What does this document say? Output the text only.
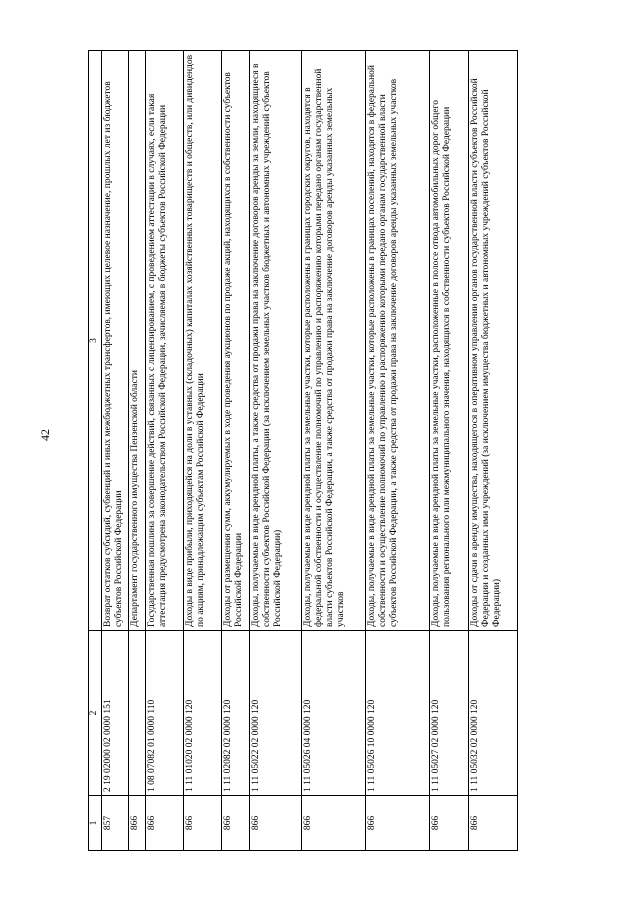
42
1	2	3
857	2 19 02000 02 0000 151	Возврат остатков субсидий, субвенций и иных межбюджетных трансфертов, имеющих целевое назначение, прошлых лет из бюджетов субъектов Российской Федерации
866		Департамент государственного имущества Пензенской области
866	1 08 07082 01 0000 110	Государственная пошлина за совершение действий, связанных с лицензированием, с проведением аттестации в случаях, если такая аттестация предусмотрена законодательством Российской Федерации, зачисляемая в бюджеты субъектов Российской Федерации
866	1 11 01020 02 0000 120	Доходы в виде прибыли, приходящейся на доли в уставных (складочных) капиталах хозяйственных товариществ и обществ, или дивидендов по акциям, принадлежащим субъектам Российской Федерации
866	1 11 02082 02 0000 120	Доходы от размещения сумм, аккумулируемых в ходе проведения аукционов по продаже акций, находящихся в собственности субъектов Российской Федерации
866	1 11 05022 02 0000 120	Доходы, получаемые в виде арендной платы, а также средства от продажи права на заключение договоров аренды за земли, находящиеся в собственности субъектов Российской Федерации (за исключением земельных участков бюджетных и автономных учреждений субъектов Российской Федерации)
866	1 11 05026 04 0000 120	Доходы, получаемые в виде арендной платы за земельные участки, которые расположены в границах городских округов, находятся в федеральной собственности и осуществление полномочий по управлению и распоряжению которыми передано органам государственной власти субъектов Российской Федерации, а также средства от продажи права на заключение договоров аренды указанных земельных участков
866	1 11 05026 10 0000 120	Доходы, получаемые в виде арендной платы за земельные участки, которые расположены в границах поселений, находятся в федеральной собственности и осуществление полномочий по управлению и распоряжению которыми передано органам государственной власти субъектов Российской Федерации, а также средства от продажи права на заключение договоров аренды указанных земельных участков
866	1 11 05027 02 0000 120	Доходы, получаемые в виде арендной платы за земельные участки, расположенные в полосе отвода автомобильных дорог общего пользования регионального или межмуниципального значения, находящихся в собственности субъектов Российской Федерации
866	1 11 05032 02 0000 120	Доходы от сдачи в аренду имущества, находящегося в оперативном управлении органов государственной власти субъектов Российской Федерации и созданных ими учреждений (за исключением имущества бюджетных и автономных учреждений субъектов Российской Федерации)
